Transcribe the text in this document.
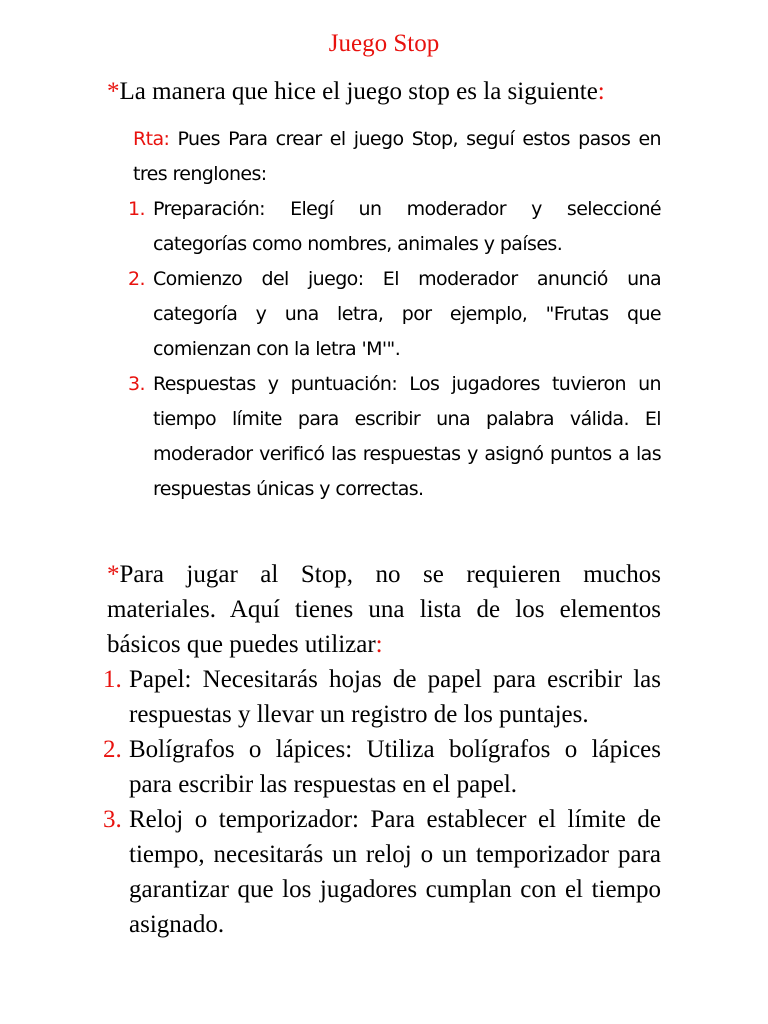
Juego Stop
*La manera que hice el juego stop es la siguiente:

Rta: Pues Para crear el juego Stop, seguí estos pasos en tres renglones:

1. Preparación: Elegí un moderador y seleccioné categorías como nombres, animales y países.
2. Comienzo del juego: El moderador anunció una categoría y una letra, por ejemplo, "Frutas que comienzan con la letra 'M'".
3. Respuestas y puntuación: Los jugadores tuvieron un tiempo límite para escribir una palabra válida. El moderador verificó las respuestas y asignó puntos a las respuestas únicas y correctas.

*Para jugar al Stop, no se requieren muchos materiales. Aquí tienes una lista de los elementos básicos que puedes utilizar:

1. Papel: Necesitarás hojas de papel para escribir las respuestas y llevar un registro de los puntajes.
2. Bolígrafos o lápices: Utiliza bolígrafos o lápices para escribir las respuestas en el papel.
3. Reloj o temporizador: Para establecer el límite de tiempo, necesitarás un reloj o un temporizador para garantizar que los jugadores cumplan con el tiempo asignado.
